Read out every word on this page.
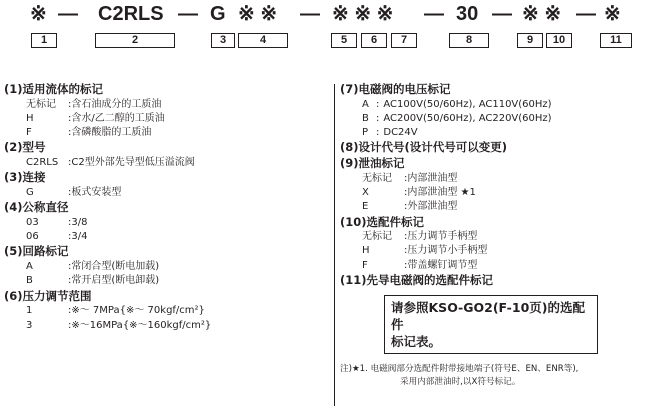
※ — C2RLS — G ※ ※ — ※ ※ ※ — 30 — ※ ※ — ※
1	2	3	4	5	6	7	8	9	10	11
(1)适用流体的标记
无标记 :含石油成分的工质油
H	:含水/乙二醇的工质油
F	:含磷酸脂的工质油
(2)型号
C2RLS :C2型外部先导型低压溢流阀
(3)连接
G	:板式安装型
(4)公称直径
03	:3/8
06	:3/4
(5)回路标记
A	:常闭合型(断电加载)
B	:常开启型(断电卸载)
(6)压力调节范围
1	:※～ 7MPa{※～ 70kgf/cm²}
3	:※～16MPa{※～160kgf/cm²}
(7)电磁阀的电压标记
A : AC100V(50/60Hz), AC110V(60Hz)
B : AC200V(50/60Hz), AC220V(60Hz)
P : DC24V
(8)设计代号(设计代号可以变更)
(9)泄油标记
无标记 :内部泄油型
X	:内部泄油型 ★1
E	:外部泄油型
(10)选配件标记
无标记 :压力调节手柄型
H	:压力调节小手柄型
F	:带盖螺钉调节型
(11)先导电磁阀的选配件标记
请参照KSO-GO2(F-10页)的选配件
标记表。
注)★1. 电磁阀部分选配件附带接地端子(符号E、EN、ENR等),
采用内部泄油时,以X符号标记。
